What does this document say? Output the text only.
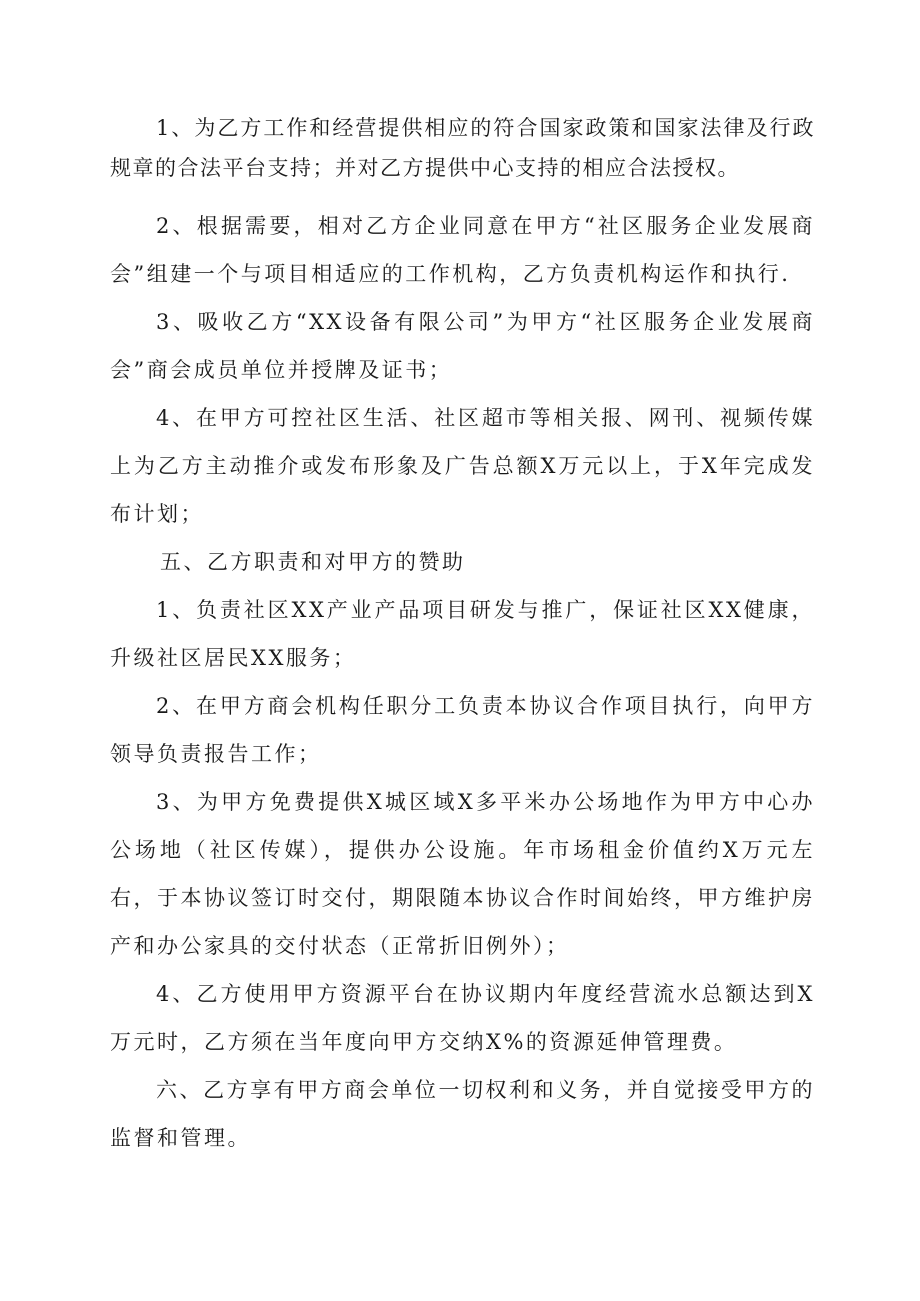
1、为乙方工作和经营提供相应的符合国家政策和国家法律及行政规章的合法平台支持；并对乙方提供中心支持的相应合法授权。

2、根据需要，相对乙方企业同意在甲方“社区服务企业发展商会”组建一个与项目相适应的工作机构，乙方负责机构运作和执行.

3、吸收乙方“XX设备有限公司”为甲方“社区服务企业发展商会”商会成员单位并授牌及证书；

4、在甲方可控社区生活、社区超市等相关报、网刊、视频传媒上为乙方主动推介或发布形象及广告总额X万元以上，于X年完成发布计划；

五、乙方职责和对甲方的赞助

1、负责社区XX产业产品项目研发与推广，保证社区XX健康，升级社区居民XX服务；

2、在甲方商会机构任职分工负责本协议合作项目执行，向甲方领导负责报告工作；

3、为甲方免费提供X城区域X多平米办公场地作为甲方中心办公场地（社区传媒），提供办公设施。年市场租金价值约X万元左右，于本协议签订时交付，期限随本协议合作时间始终，甲方维护房产和办公家具的交付状态（正常折旧例外）；

4、乙方使用甲方资源平台在协议期内年度经营流水总额达到X万元时，乙方须在当年度向甲方交纳X%的资源延伸管理费。

六、乙方享有甲方商会单位一切权利和义务，并自觉接受甲方的监督和管理。
